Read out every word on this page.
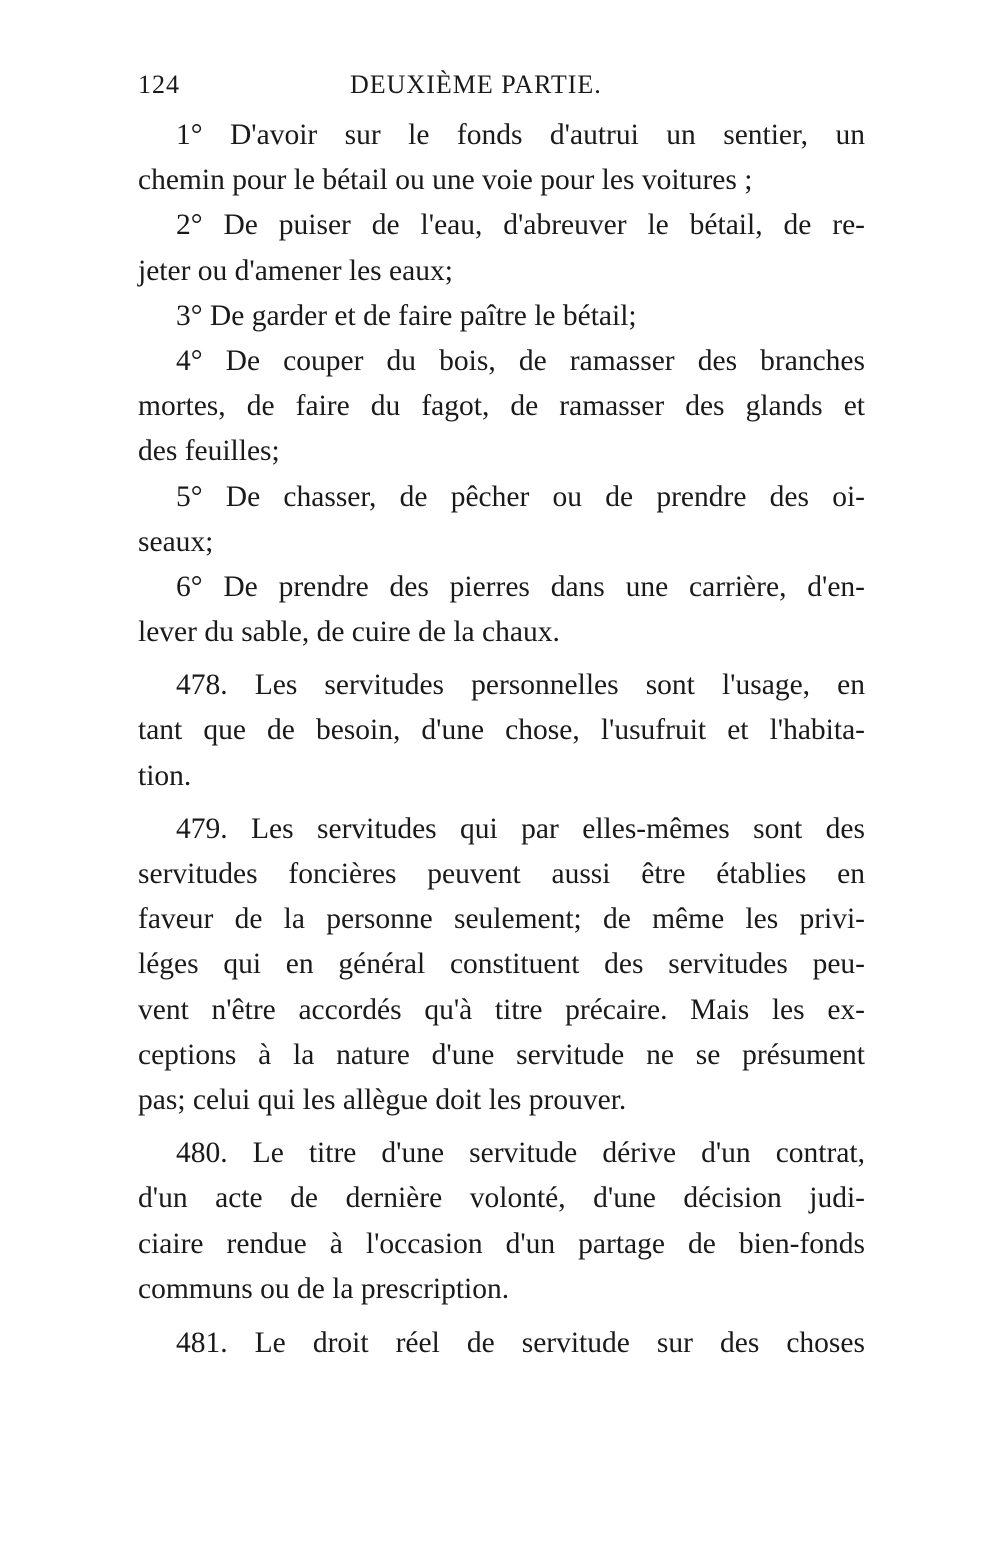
124	DEUXIÈME PARTIE.
1° D'avoir sur le fonds d'autrui un sentier, un
chemin pour le bétail ou une voie pour les voitures ;
2° De puiser de l'eau, d'abreuver le bétail, de re-
jeter ou d'amener les eaux;
3° De garder et de faire paître le bétail;
4° De couper du bois, de ramasser des branches
mortes, de faire du fagot, de ramasser des glands et
des feuilles;
5° De chasser, de pêcher ou de prendre des oi-
seaux;
6° De prendre des pierres dans une carrière, d'en-
lever du sable, de cuire de la chaux.
478. Les servitudes personnelles sont l'usage, en
tant que de besoin, d'une chose, l'usufruit et l'habita-
tion.
479. Les servitudes qui par elles-mêmes sont des
servitudes foncières peuvent aussi être établies en
faveur de la personne seulement; de même les privi-
léges qui en général constituent des servitudes peu-
vent n'être accordés qu'à titre précaire. Mais les ex-
ceptions à la nature d'une servitude ne se présument
pas; celui qui les allègue doit les prouver.
480. Le titre d'une servitude dérive d'un contrat,
d'un acte de dernière volonté, d'une décision judi-
ciaire rendue à l'occasion d'un partage de bien-fonds
communs ou de la prescription.
481. Le droit réel de servitude sur des choses
